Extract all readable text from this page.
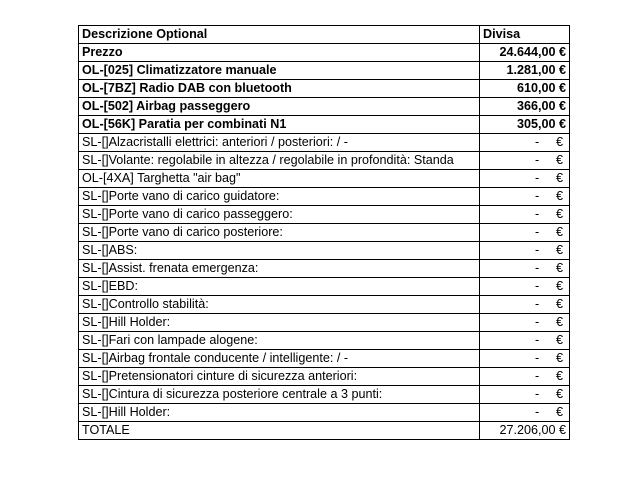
Descrizione Optional	Divisa
Prezzo	24.644,00 €
OL-[025] Climatizzatore manuale	1.281,00 €
OL-[7BZ] Radio DAB con bluetooth	610,00 €
OL-[502] Airbag passeggero	366,00 €
OL-[56K] Paratia per combinati N1	305,00 €
SL-[]Alzacristalli elettrici: anteriori / posteriori: / -	- €

SL-[]Volante: regolabile in altezza / regolabile in profondità: Standa	- €

OL-[4XA] Targhetta "air bag"	- €

SL-[]Porte vano di carico guidatore:	- €

SL-[]Porte vano di carico passeggero:	- €

SL-[]Porte vano di carico posteriore:	- €

SL-[]ABS:	- €

SL-[]Assist. frenata emergenza:	- €

SL-[]EBD:	- €

SL-[]Controllo stabilità:	- €

SL-[]Hill Holder:	- €

SL-[]Fari con lampade alogene:	- €

SL-[]Airbag frontale conducente / intelligente: / -	- €

SL-[]Pretensionatori cinture di sicurezza anteriori:	- €

SL-[]Cintura di sicurezza posteriore centrale a 3 punti:	- €

SL-[]Hill Holder:	- €

TOTALE	27.206,00 €
